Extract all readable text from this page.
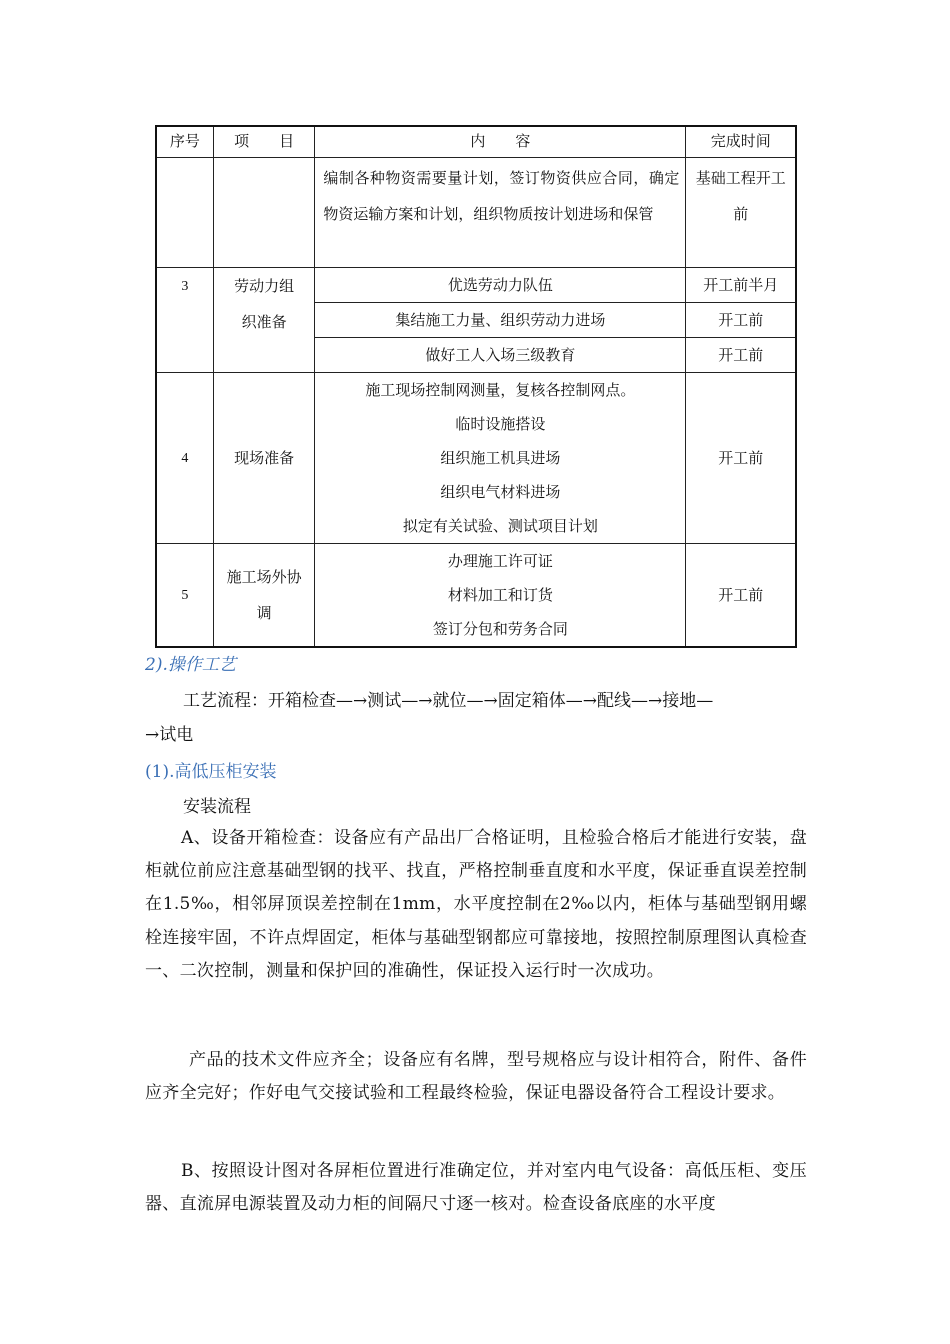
序号	项　　目	内　　容	完成时间

		编制各种物资需要量计划，签订物资供应合同，确定物资运输方案和计划，组织物质按计划进场和保管	基础工程开工前

3	劳动力组织准备	优选劳动力队伍	开工前半月
		集结施工力量、组织劳动力进场	开工前
		做好工人入场三级教育	开工前
4	现场准备	施工现场控制网测量，复核各控制网点。
临时设施搭设
组织施工机具进场
组织电气材料进场
拟定有关试验、测试项目计划	开工前
5	施工场外协调	办理施工许可证
材料加工和订货
签订分包和劳务合同	开工前
2).操作工艺
工艺流程：开箱检查—→测试—→就位—→固定箱体—→配线—→接地—
→试电
(1).高低压柜安装
安装流程
A、设备开箱检查：设备应有产品出厂合格证明，且检验合格后才能进行安装，盘柜就位前应注意基础型钢的找平、找直，严格控制垂直度和水平度，保证垂直误差控制在1.5‰，相邻屏顶误差控制在1mm，水平度控制在2‰以内，柜体与基础型钢用螺栓连接牢固，不许点焊固定，柜体与基础型钢都应可靠接地，按照控制原理图认真检查一、二次控制，测量和保护回的准确性，保证投入运行时一次成功。
产品的技术文件应齐全；设备应有名牌，型号规格应与设计相符合，附件、备件应齐全完好；作好电气交接试验和工程最终检验，保证电器设备符合工程设计要求。
B、按照设计图对各屏柜位置进行准确定位，并对室内电气设备：高低压柜、变压器、直流屏电源装置及动力柜的间隔尺寸逐一核对。检查设备底座的水平度
